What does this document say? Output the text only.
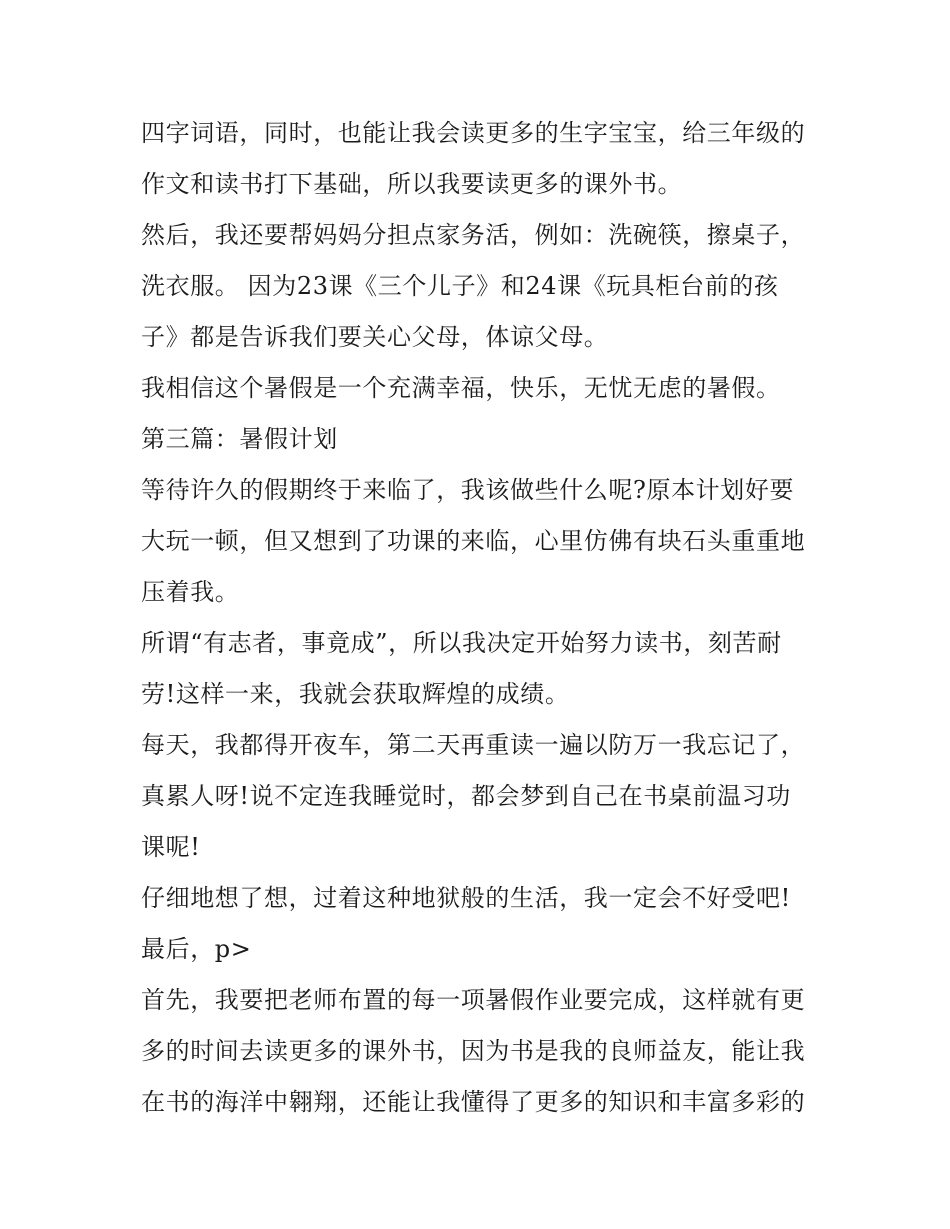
四字词语，同时，也能让我会读更多的生字宝宝，给三年级的
作文和读书打下基础，所以我要读更多的课外书。
然后，我还要帮妈妈分担点家务活，例如：洗碗筷，擦桌子，
洗衣服。 因为23课《三个儿子》和24课《玩具柜台前的孩
子》都是告诉我们要关心父母，体谅父母。
我相信这个暑假是一个充满幸福，快乐，无忧无虑的暑假。
第三篇：暑假计划
等待许久的假期终于来临了，我该做些什么呢?原本计划好要
大玩一顿，但又想到了功课的来临，心里仿佛有块石头重重地
压着我。
所谓“有志者，事竟成”，所以我决定开始努力读书，刻苦耐
劳!这样一来，我就会获取辉煌的成绩。
每天，我都得开夜车，第二天再重读一遍以防万一我忘记了，
真累人呀!说不定连我睡觉时，都会梦到自己在书桌前温习功
课呢!
仔细地想了想，过着这种地狱般的生活，我一定会不好受吧!
最后，p>
首先，我要把老师布置的每一项暑假作业要完成，这样就有更
多的时间去读更多的课外书，因为书是我的良师益友，能让我
在书的海洋中翱翔，还能让我懂得了更多的知识和丰富多彩的
